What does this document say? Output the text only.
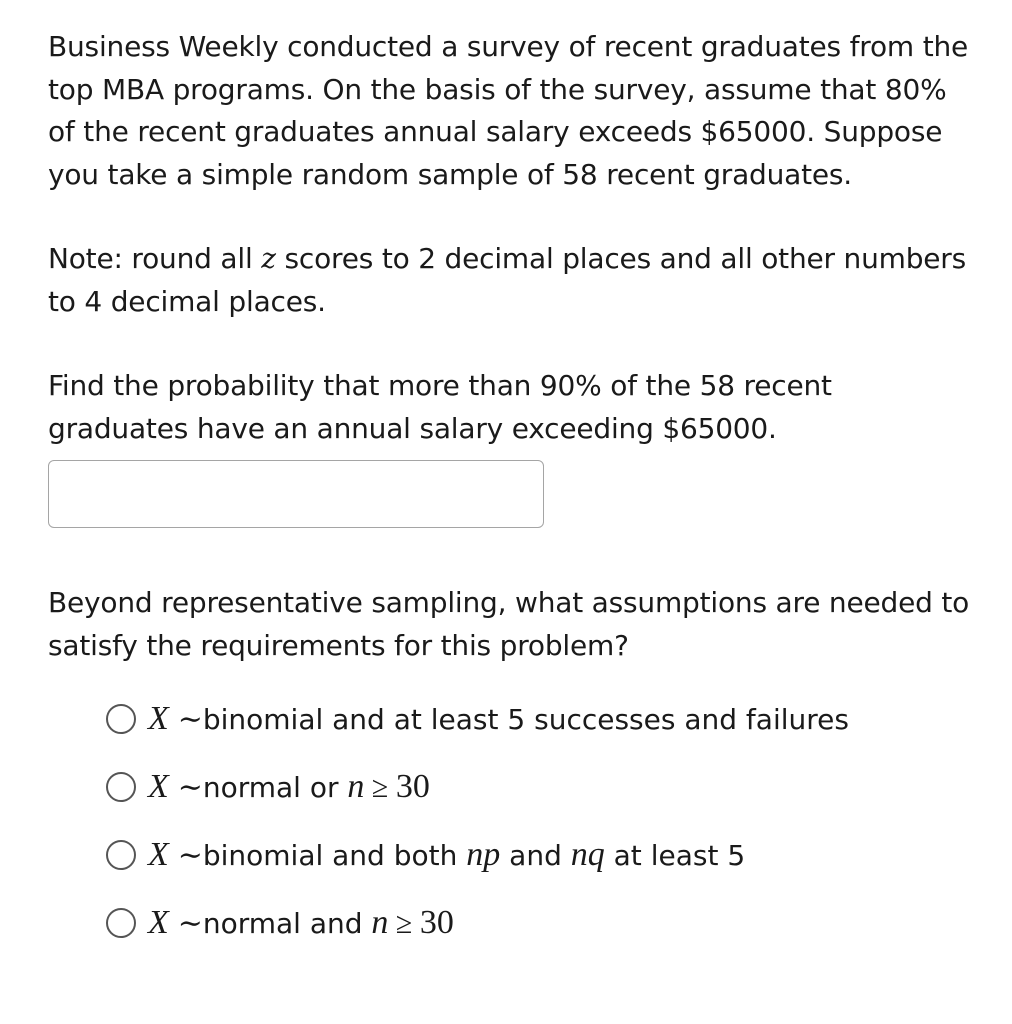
Business Weekly conducted a survey of recent graduates from the top MBA programs. On the basis of the survey, assume that 80% of the recent graduates annual salary exceeds $65000. Suppose you take a simple random sample of 58 recent graduates.

Note: round all z scores to 2 decimal places and all other numbers to 4 decimal places.

Find the probability that more than 90% of the 58 recent graduates have an annual salary exceeding $65000.

Beyond representative sampling, what assumptions are needed to satisfy the requirements for this problem?

X ∼binomial and at least 5 successes and failures
X ∼normal or n ≥ 30
X ∼binomial and both np and nq at least 5
X ∼normal and n ≥ 30
